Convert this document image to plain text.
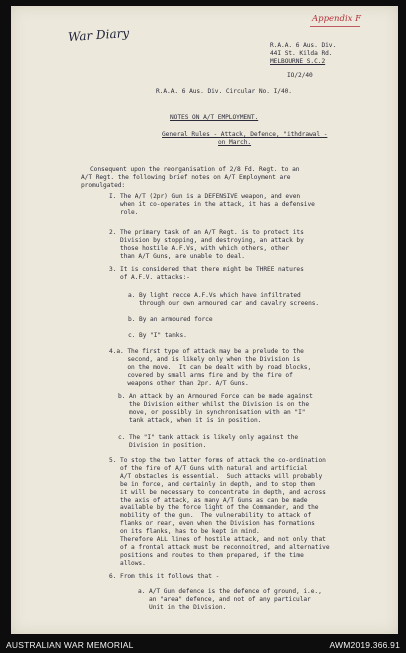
War Diary
Appendix F
R.A.A. 6 Aus. Div.
44I St. Kilda Rd.
MELBOURNE S.C.2
IO/2/40
R.A.A. 6 Aus. Div. Circular No. I/40.
NOTES ON A/T EMPLOYMENT.
General Rules - Attack, Defence, "ithdrawal -
on March.
Consequent upon the reorganisation of 2/8 Fd. Regt. to an
A/T Regt. the following brief notes on A/T Employment are
promulgated:
I. The A/T (2pr) Gun is a DEFENSIVE weapon, and even
when it co-operates in the attack, it has a defensive
role.
2. The primary task of an A/T Regt. is to protect its
Division by stopping, and destroying, an attack by
those hostile A.F.Vs, with which others, other
than A/T Guns, are unable to deal.
3. It is considered that there might be THREE natures
of A.F.V. attacks:-
a. By light recce A.F.Vs which have infiltrated
through our own armoured car and cavalry screens.
b. By an armoured force
c. By "I" tanks.
4.a. The first type of attack may be a prelude to the
second, and is likely only when the Division is
on the move.  It can be dealt with by road blocks,
covered by small arms fire and by the fire of
weapons other than 2pr. A/T Guns.
b. An attack by an Armoured Force can be made against
the Division either whilst the Division is on the
move, or possibly in synchronisation with an "I"
tank attack, when it is in position.
c. The "I" tank attack is likely only against the
Division in position.
5. To stop the two latter forms of attack the co-ordination
of the fire of A/T Guns with natural and artificial
A/T obstacles is essential.  Such attacks will probably
be in force, and certainly in depth, and to stop them
it will be necessary to concentrate in depth, and across
the axis of attack, as many A/T Guns as can be made
available by the force light of the Commander, and the
mobility of the gun.  The vulnerability to attack of
flanks or rear, even when the Division has formations
on its flanks, has to be kept in mind.
Therefore ALL lines of hostile attack, and not only that
of a frontal attack must be reconnoitred, and alternative
positions and routes to them prepared, if the time
allows.
6. From this it follows that -
a. A/T Gun defence is the defence of ground, i.e.,
an "area" defence, and not of any particular
Unit in the Division.
AUSTRALIAN WAR MEMORIAL	AWM2019.366.91
